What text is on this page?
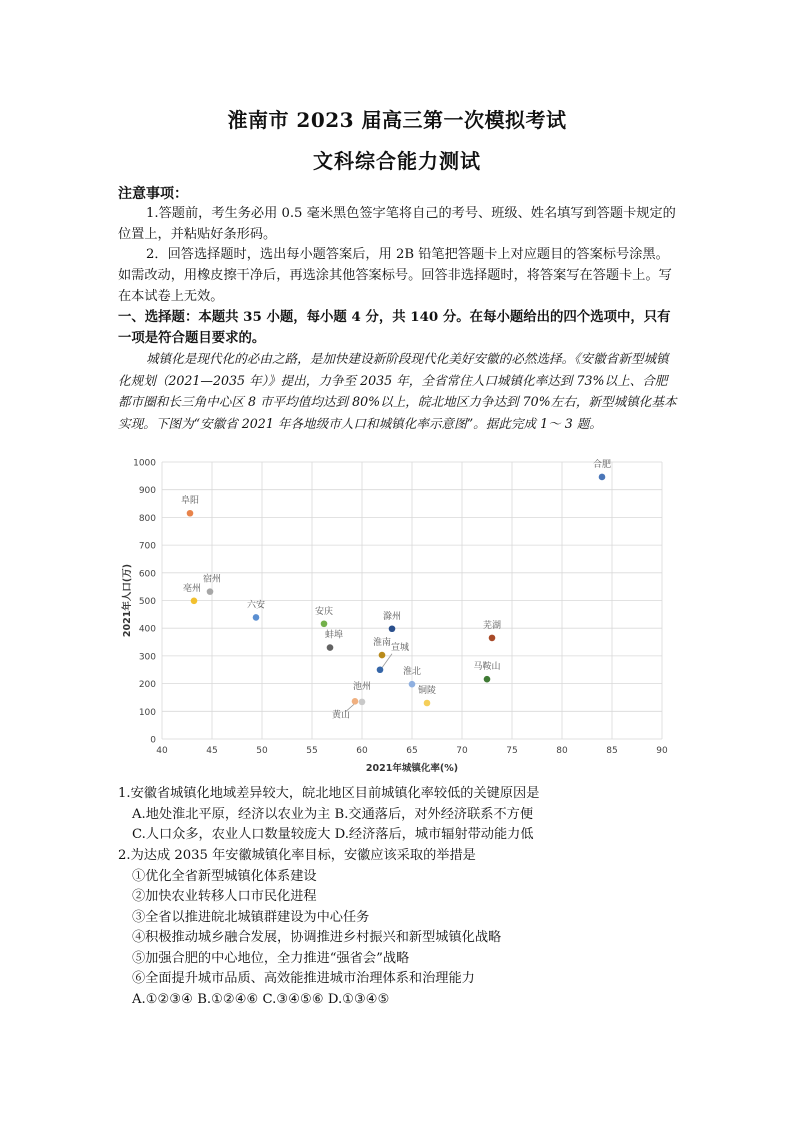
淮南市 2023 届高三第一次模拟考试
文科综合能力测试
注意事项：
1.答题前，考生务必用 0.5 毫米黑色签字笔将自己的考号、班级、姓名填写到答题卡规定的位置上，并粘贴好条形码。
2．回答选择题时，选出每小题答案后，用 2B 铅笔把答题卡上对应题目的答案标号涂黑。如需改动，用橡皮擦干净后，再选涂其他答案标号。回答非选择题时，将答案写在答题卡上。写在本试卷上无效。
一、选择题：本题共 35 小题，每小题 4 分，共 140 分。在每小题给出的四个选项中，只有一项是符合题目要求的。
城镇化是现代化的必由之路，是加快建设新阶段现代化美好安徽的必然选择。《安徽省新型城镇化规划（2021—2035 年）》提出，力争至 2035 年，全省常住人口城镇化率达到 73%以上、合肥都市圈和长三角中心区 8 市平均值均达到 80%以上，皖北地区力争达到 70%左右，新型城镇化基本实现。下图为“安徽省 2021 年各地级市人口和城镇化率示意图”。据此完成 1～ 3 题。
0
100
200
300
400
500
600
700
800
900
1000
40	45	50	55	60	65	70	75	80	85	90
2021年城镇化率(%)
2021年人口(万)
合肥
阜阳
宿州
亳州
六安
安庆	滁州
芜湖
蚌埠
淮南 宣城
马鞍山
淮北
池州	铜陵
黄山
1.安徽省城镇化地域差异较大，皖北地区目前城镇化率较低的关键原因是
A.地处淮北平原，经济以农业为主 B.交通落后，对外经济联系不方便
C.人口众多，农业人口数量较庞大 D.经济落后，城市辐射带动能力低
2.为达成 2035 年安徽城镇化率目标，安徽应该采取的举措是
①优化全省新型城镇化体系建设
②加快农业转移人口市民化进程
③全省以推进皖北城镇群建设为中心任务
④积极推动城乡融合发展，协调推进乡村振兴和新型城镇化战略
⑤加强合肥的中心地位，全力推进“强省会”战略
⑥全面提升城市品质、高效能推进城市治理体系和治理能力
A.①②③④ B.①②④⑥ C.③④⑤⑥ D.①③④⑤
